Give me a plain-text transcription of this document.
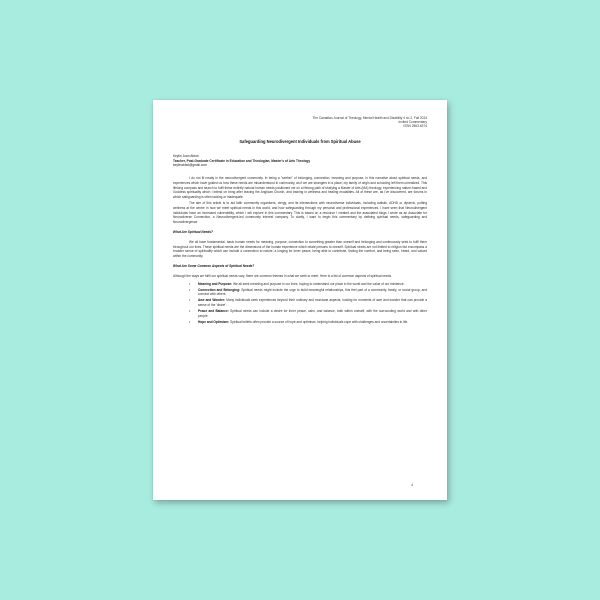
The Canadian Journal of Theology, Mental Health and Disability 4 no 2, Fall 2024
Invited Commentary
ISSN 2563-6374
Safeguarding Neurodivergent Individuals from Spiritual Abuse
Keylin Joan Abbot
Teacher, Post-Graduate Certificate in Education and Theologian, Master's of Arts Theology
keylinabbot@gmail.com

I do not fit neatly in the neurodivergent community. In being a "seeker" of belonging, connection, meaning and purpose, in this narrative about spiritual needs, and experiences which have guided us how these needs are misunderstood in community, as if we are strangers in a place; my family of origin and schooling left them unrealized. This lifelong compass and search to fulfil these entirely natural human needs positioned me on a lifelong path of studying a Master of Arts (MA) theology, experiencing nature-based and Goddess spirituality which I intend on bring after leaving the Anglican Church, and training in wellness and healing modalities. All of these are, as I've discovered, are forums in which safeguarding is often lacking or inadequate.

The aim of this article is to aid faith community organisers, clergy, and its intersections with neurodiverse individuals, including autistic, ADHD or dyslexic, putting wellness at the centre in how we meet spiritual needs in this world, and how safeguarding through my personal and professional experiences. I have seen that Neurodivergent individuals have an increased vulnerability, which I will explore in this commentary. This is based on a resource I created and the associated blogs I wrote as an Associate for Neurodiverse Connection, a Neurodivergent-led community interest company. To clarify, I want to begin this commentary by defining spiritual needs, safeguarding and Neurodivergence.

What Are Spiritual Needs?

We all have fundamental, basic human needs for meaning, purpose, connection to something greater than oneself and belonging and continuously seek to fulfil them throughout our lives. These spiritual needs are the dimensions of the human experience which relate persons to oneself. Spiritual needs are not limited to religion but encompass a broader sense of spirituality which can include a connection to nature, a longing for inner peace, being able to contribute, finding the comfort, and being seen, heard, and valued within the community.

What Are Some Common Aspects of Spiritual Needs?

Although the ways we fulfil our spiritual needs vary, there are common themes in what we seek to meet. Here is a list of common aspects of spiritual needs.

• Meaning and Purpose: We all seek meaning and purpose in our lives, hoping to understand our place in the world and the value of our existence.
• Connection and Belonging: Spiritual needs might include the urge to build meaningful relationships, this feel part of a community, family, or social group, and connect with others.
• Awe and Wonder: Many individuals seek experiences beyond their ordinary and mundane aspects, looking for moments of awe and wonder that can provide a sense of the 'divine'.
• Peace and Balance: Spiritual needs can include a desire for inner peace, calm, and balance, both within oneself, with the surrounding world and with other people.
• Hope and Optimism: Spiritual beliefs often provide a source of hope and optimism, helping individuals cope with challenges and uncertainties in life.
4
